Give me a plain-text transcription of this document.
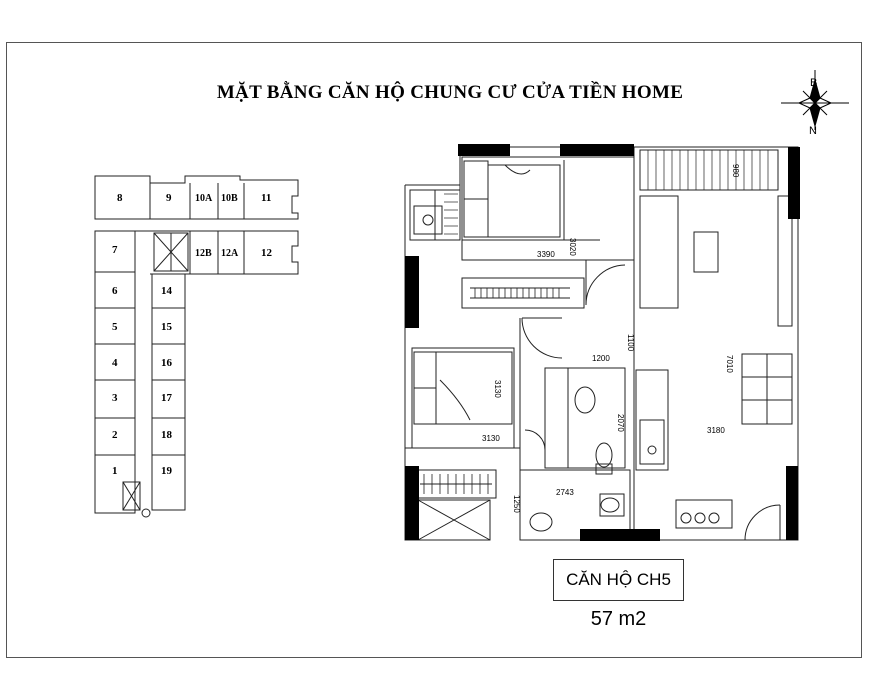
MẶT BẰNG CĂN HỘ CHUNG CƯ CỬA TIỀN HOME	B
N
8	9 10A 10B 11
7	12B 12A 12
6	14
5	15
4	16
3	17
2	18
1	19
3390 3020
980
1100
1200	7010
3130
3130
2070	3180
2743
1250
CĂN HỘ CH5
57 m2
